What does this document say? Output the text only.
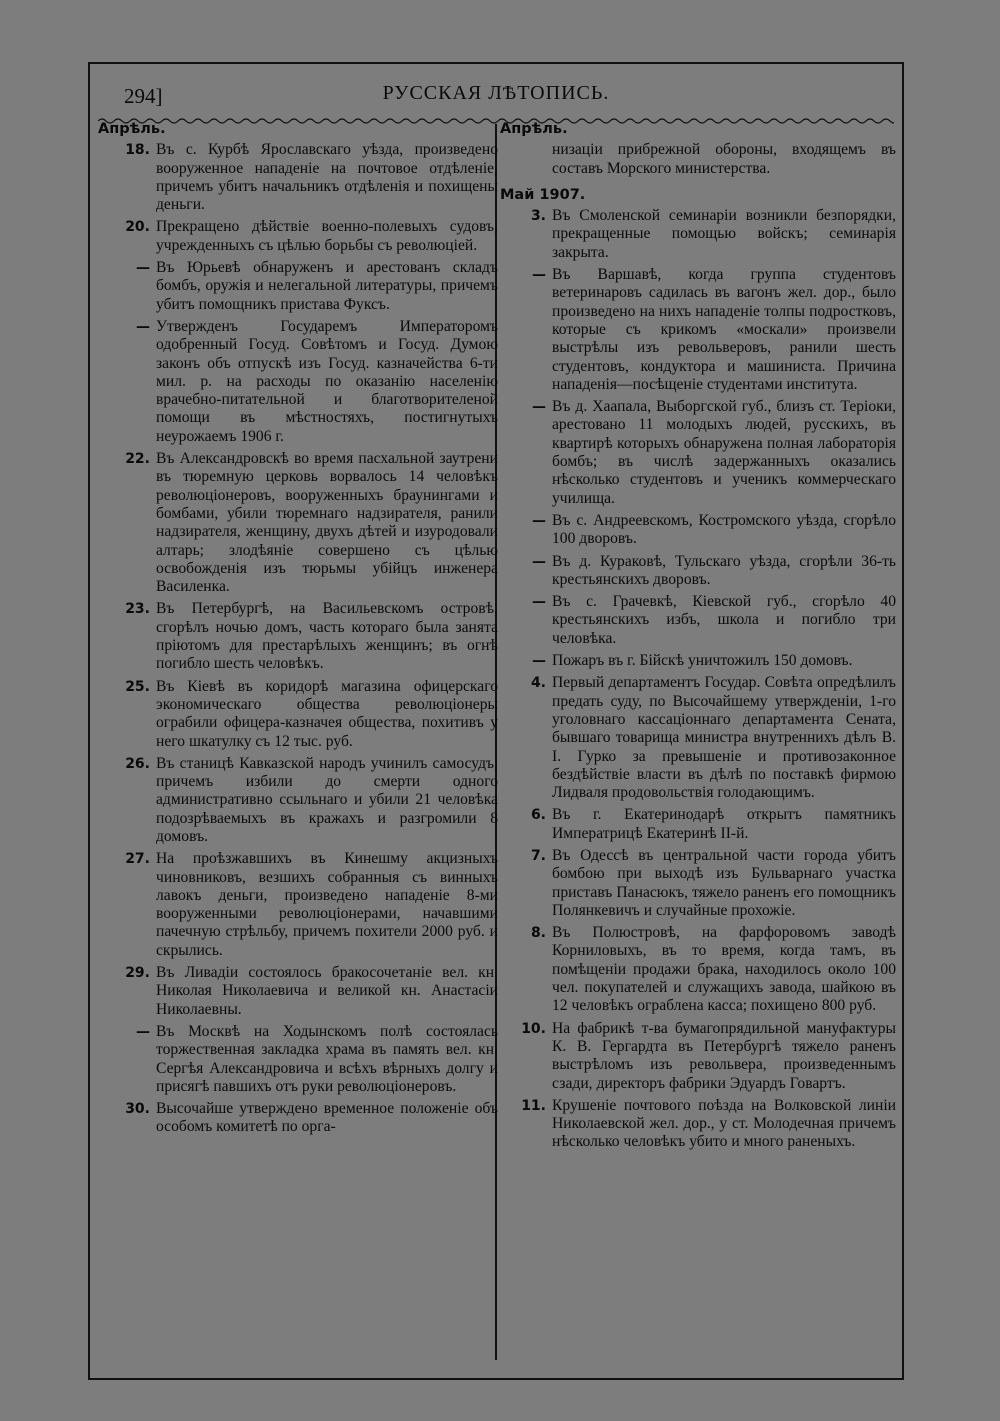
294]	РУССКАЯ ЛѢТОПИСЬ.
Апрѣль.
18. Въ с. Курбѣ Ярославскаго уѣзда, произведено вооруженное нападеніе на почтовое отдѣленіе, причемъ убитъ начальникъ отдѣленія и похищены деньги.
20. Прекращено дѣйствіе военно-полевыхъ судовъ, учрежденныхъ съ цѣлью борьбы съ революціей.
— Въ Юрьевѣ обнаруженъ и арестованъ складъ бомбъ, оружія и нелегальной литературы, причемъ убитъ помощникъ пристава Фуксъ.
— Утвержденъ Государемъ Императоромъ одобренный Госуд. Совѣтомъ и Госуд. Думою законъ объ отпускѣ изъ Госуд. казначейства 6-ти мил. р. на расходы по оказанію населенію врачебно-питательной и благотворителеной помощи въ мѣстностяхъ, постигнутыхъ неурожаемъ 1906 г.
22. Въ Александровскѣ во время пасхальной заутрени въ тюремную церковь ворвалось 14 человѣкъ революціонеровъ, вооруженныхъ браунингами и бомбами, убили тюремнаго надзирателя, ранили надзирателя, женщину, двухъ дѣтей и изуродовали алтарь; злодѣяніе совершено съ цѣлью освобожденія изъ тюрьмы убійцъ инженера Василенка.
23. Въ Петербургѣ, на Васильевскомъ островѣ, сгорѣлъ ночью домъ, часть котораго была занята пріютомъ для престарѣлыхъ женщинъ; въ огнѣ погибло шесть человѣкъ.
25. Въ Кіевѣ въ коридорѣ магазина офицерскаго экономическаго общества революціонеры ограбили офицера-казначея общества, похитивъ у него шкатулку съ 12 тыс. руб.
26. Въ станицѣ Кавказской народъ учинилъ самосудъ, причемъ избили до смерти одного административно ссыльнаго и убили 21 человѣка подозрѣваемыхъ въ кражахъ и разгромили 8 домовъ.
27. На проѣзжавшихъ въ Кинешму акцизныхъ чиновниковъ, везшихъ собранныя съ винныхъ лавокъ деньги, произведено нападеніе 8-ми вооруженными революціонерами, начавшими пачечную стрѣльбу, причемъ похители 2000 руб. и скрылись.
29. Въ Ливадіи состоялось бракосочетаніе вел. кн. Николая Николаевича и великой кн. Анастасіи Николаевны.
— Въ Москвѣ на Ходынскомъ полѣ состоялась торжественная закладка храма въ память вел. кн. Сергѣя Александровича и всѣхъ вѣрныхъ долгу и присягѣ павшихъ отъ руки революціонеровъ.
30. Высочайше утверждено временное положеніе объ особомъ комитетѣ по орга-
Апрѣль.
низаціи прибрежной обороны, входящемъ въ составъ Морского министерства.
Май 1907.
3. Въ Смоленской семинаріи возникли безпорядки, прекращенные помощью войскъ; семинарія закрыта.
— Въ Варшавѣ, когда группа студентовъ ветеринаровъ садилась въ вагонъ жел. дор., было произведено на нихъ нападеніе толпы подростковъ, которые съ крикомъ «москали» произвели выстрѣлы изъ револьверовъ, ранили шесть студентовъ, кондуктора и машиниста. Причина нападенія—посѣщеніе студентами института.
— Въ д. Хаапала, Выборгской губ., близъ ст. Теріоки, арестовано 11 молодыхъ людей, русскихъ, въ квартирѣ которыхъ обнаружена полная лабораторія бомбъ; въ числѣ задержанныхъ оказались нѣсколько студентовъ и ученикъ коммерческаго училища.
— Въ с. Андреевскомъ, Костромского уѣзда, сгорѣло 100 дворовъ.
— Въ д. Кураковѣ, Тульскаго уѣзда, сгорѣли 36-ть крестьянскихъ дворовъ.
— Въ с. Грачевкѣ, Кіевской губ., сгорѣло 40 крестьянскихъ избъ, школа и погибло три человѣка.
— Пожаръ въ г. Бійскѣ уничтожилъ 150 домовъ.
4. Первый департаментъ Государ. Совѣта опредѣлилъ предать суду, по Высочайшему утвержденіи, 1-го уголовнаго кассаціоннаго департамента Сената, бывшаго товарища министра внутреннихъ дѣлъ В. І. Гурко за превышеніе и противозаконное бездѣйствіе власти въ дѣлѣ по поставкѣ фирмою Лидваля продовольствія голодающимъ.
6. Въ г. Екатеринодарѣ открытъ памятникъ Императрицѣ Екатеринѣ II-й.
7. Въ Одессѣ въ центральной части города убитъ бомбою при выходѣ изъ Бульварнаго участка приставъ Панасюкъ, тяжело раненъ его помощникъ Полянкевичъ и случайные прохожіе.
8. Въ Полюстровѣ, на фарфоровомъ заводѣ Корниловыхъ, въ то время, когда тамъ, въ помѣщеніи продажи брака, находилось около 100 чел. покупателей и служащихъ завода, шайкою въ 12 человѣкъ ограблена касса; похищено 800 руб.
10. На фабрикѣ т-ва бумагопрядильной мануфактуры К. В. Гергардта въ Петербургѣ тяжело раненъ выстрѣломъ изъ револьвера, произведеннымъ сзади, директоръ фабрики Эдуардъ Говартъ.
11. Крушеніе почтового поѣзда на Волковской линіи Николаевской жел. дор., у ст. Молодечная причемъ нѣсколько человѣкъ убито и много раненыхъ.
